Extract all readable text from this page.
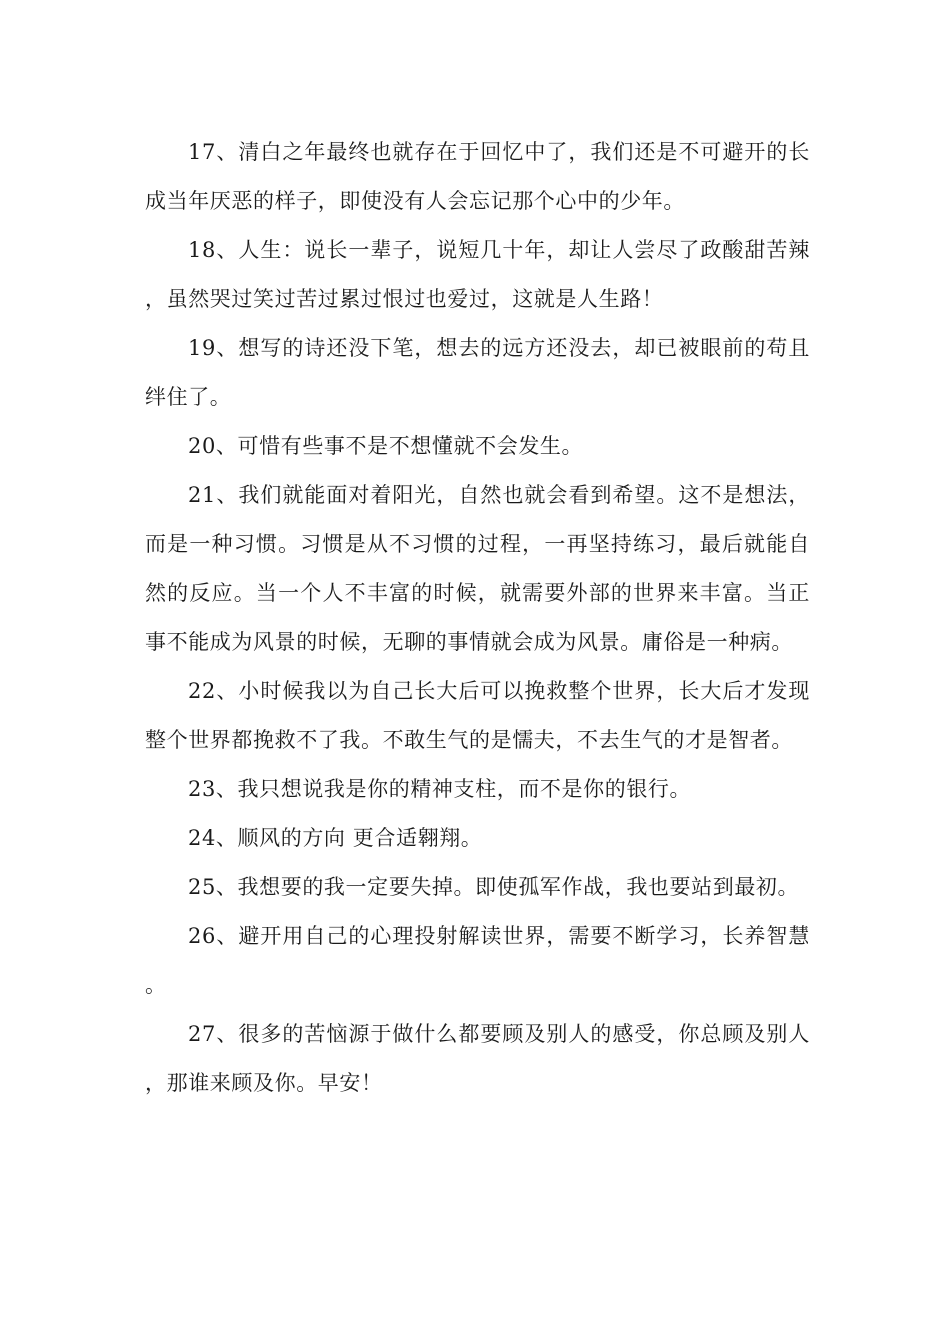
17、清白之年最终也就存在于回忆中了，我们还是不可避开的长成当年厌恶的样子，即使没有人会忘记那个心中的少年。

18、人生：说长一辈子，说短几十年，却让人尝尽了政酸甜苦辣，虽然哭过笑过苦过累过恨过也爱过，这就是人生路！

19、想写的诗还没下笔，想去的远方还没去，却已被眼前的苟且绊住了。

20、可惜有些事不是不想懂就不会发生。

21、我们就能面对着阳光，自然也就会看到希望。这不是想法，而是一种习惯。习惯是从不习惯的过程，一再坚持练习，最后就能自然的反应。当一个人不丰富的时候，就需要外部的世界来丰富。当正事不能成为风景的时候，无聊的事情就会成为风景。庸俗是一种病。

22、小时候我以为自己长大后可以挽救整个世界，长大后才发现整个世界都挽救不了我。不敢生气的是懦夫，不去生气的才是智者。

23、我只想说我是你的精神支柱，而不是你的银行。

24、顺风的方向 更合适翱翔。

25、我想要的我一定要失掉。即使孤军作战，我也要站到最初。

26、避开用自己的心理投射解读世界，需要不断学习，长养智慧。

27、很多的苦恼源于做什么都要顾及别人的感受，你总顾及别人，那谁来顾及你。早安！
